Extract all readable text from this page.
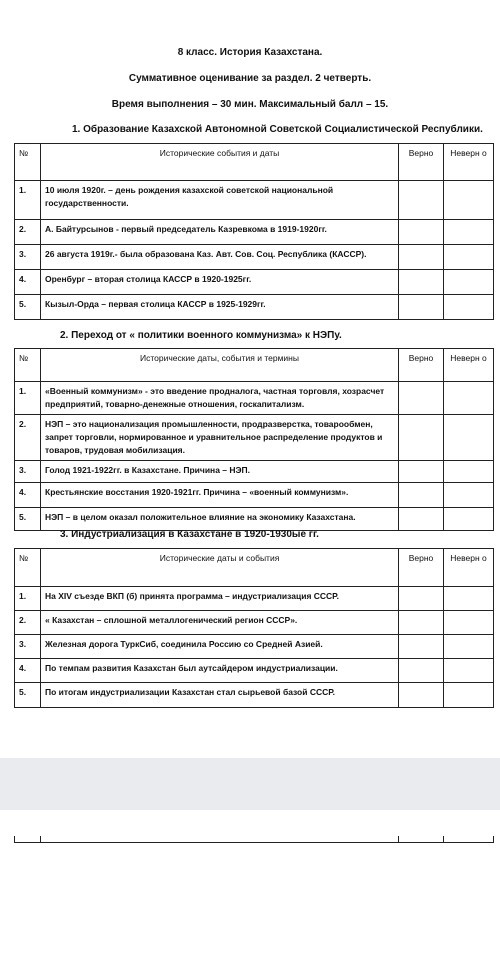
8 класс. История Казахстана.
Суммативное оценивание за раздел. 2 четверть.
Время выполнения – 30 мин. Максимальный балл – 15.
1. Образование Казахской Автономной Советской Социалистической Республики.
№	Исторические события и даты	Верно	Неверн о
1.	10 июля 1920г. – день рождения казахской советской национальной государственности.		
2.	А. Байтурсынов - первый председатель Казревкома в 1919-1920гг.		
3.	26 августа 1919г.- была образована Каз. Авт. Сов. Соц. Республика (КАССР).		
4.	Оренбург – вторая столица КАССР в 1920-1925гг.		
5.	Кызыл-Орда – первая столица КАССР в 1925-1929гг.		
2. Переход от « политики военного коммунизма» к НЭПу.
№	Исторические даты, события и термины	Верно	Неверн о
1.	«Военный коммунизм» - это введение продналога, частная торговля, хозрасчет предприятий, товарно-денежные отношения, госкапитализм.		
2.	НЭП – это национализация промышленности, продразверстка, товарообмен, запрет торговли, нормированное и уравнительное распределение продуктов и товаров, трудовая мобилизация.		
3.	Голод 1921-1922гг. в Казахстане. Причина – НЭП.		
4.	Крестьянские восстания 1920-1921гг. Причина – «военный коммунизм».		
5.	НЭП – в целом оказал положительное влияние на экономику Казахстана.		
3. Индустриализация в Казахстане в 1920-1930ые гг.
№	Исторические даты и события	Верно	Неверн о
1.	На XIV съезде ВКП (б) принята программа – индустриализация СССР.		
2.	« Казахстан – сплошной металлогенический регион СССР».		
3.	Железная дорога ТуркСиб, соединила Россию со Средней Азией.		
4.	По темпам развития Казахстан был аутсайдером индустриализации.		
5.	По итогам индустриализации Казахстан стал сырьевой базой СССР.		
